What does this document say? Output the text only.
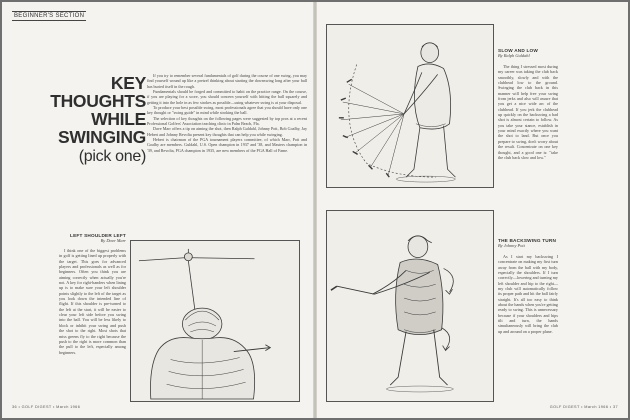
BEGINNER'S SECTION
KEY
THOUGHTS
WHILE
SWINGING
(pick one)

If you try to remember several fundamentals of golf during the course of one swing, you may find yourself wound up like a pretzel thinking about starting the downswing long after your ball has buried itself in the rough.

Fundamentals should be forged and committed to habit on the practice range. On the course, if you are playing for a score, you should concern yourself with hitting the ball squarely and getting it into the hole in as few strokes as possible—using whatever swing is at your disposal.

To produce your best possible swing, most professionals agree that you should have only one key thought or "swing guide" in mind while stroking the ball.

The selection of key thoughts on the following pages were suggested by top pros at a recent Professional Golfers' Association teaching clinic in Palm Beach, Fla.

Dave Marr offers a tip on aiming the shot, then Ralph Guldahl, Johnny Pott, Bob Goalby, Jay Hebert and Johnny Revolta present key thoughts that can help you while swinging.

Hebert is chairman of the PGA tournament players committee, of which Marr, Pott and Goalby are members. Guldahl, U.S. Open champion in 1937 and '38, and Masters champion in '39, and Revolta, PGA champion in 1935, are new members of the PGA Hall of Fame.

LEFT SHOULDER LEFT
By Dave Marr

I think one of the biggest problems in golf is getting lined up properly with the target. This goes for advanced players and professionals as well as for beginners. Often you think you are aiming correctly when actually you're not. A key for right-handers when lining up is to make sure your left shoulder points slightly to the left of the target as you look down the intended line of flight. If this shoulder is pre-turned to the left at the start, it will be easier to clear your left side before you swing into the ball. You will be less likely to block or inhibit your swing and push the shot to the right. Most shots that miss greens fly to the right because the push to the right is more common than the pull to the left, especially among beginners.

36 • GOLF DIGEST • March 1966
SLOW AND LOW
By Ralph Guldahl

The thing I stressed most during my career was taking the club back smoothly, slowly and with the clubhead low to the ground. Swinging the club back in this manner will help free your swing from jerks and also will assure that you get a nice wide arc of the clubhead. If you jerk the clubhead up quickly on the backswing a bad shot is almost certain to follow. As you take your stance, establish in your mind exactly where you want the shot to land. But once you prepare to swing, don't worry about the result. Concentrate on one key thought, and a good one is: "take the club back slow and low."

THE BACKSWING TURN
By Johnny Pott

As I start my backswing I concentrate on making my first turn away from the ball with my body, especially the shoulders. If I turn correctly—lowering and turning my left shoulder and hip to the right—my club will automatically follow its proper path and hit the ball fairly straight. It's all too easy to think about the hands when you're getting ready to swing. This is unnecessary because if your shoulders and hips tilt and turn, the hands simultaneously will bring the club up and around on a proper plane.

GOLF DIGEST • March 1966 • 37
